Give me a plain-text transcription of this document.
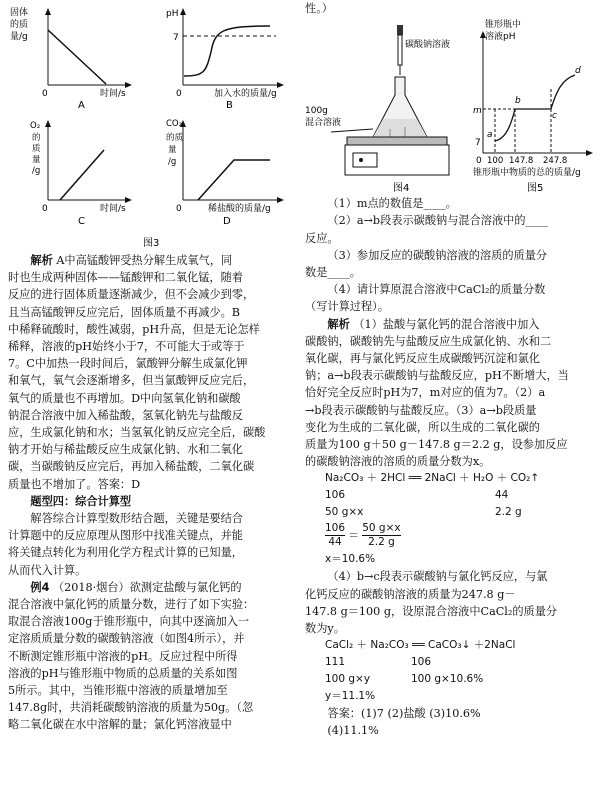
固体
的质
量/g
0	时间/s
A
pH
7
0	加入水的质量/g
B
O₂
的
质
量
/g
0	时间/s
C
CO₂
的质
量
/g
0	稀盐酸的质量/g
D
图3

解析 A中高锰酸钾受热分解生成氧气，同

时也生成两种固体——锰酸钾和二氧化锰，随着

反应的进行固体质量逐渐减少，但不会减少到零，

且当高锰酸钾反应完后，固体质量不再减少。B

中稀释硫酸时，酸性减弱，pH升高，但是无论怎样

稀释，溶液的pH始终小于7，不可能大于或等于

7。C中加热一段时间后，氯酸钾分解生成氯化钾

和氧气，氧气会逐渐增多，但当氯酸钾反应完后，

氧气的质量也不再增加。D中向氢氧化钠和碳酸

钠混合溶液中加入稀盐酸，氢氧化钠先与盐酸反

应，生成氯化钠和水；当氢氧化钠反应完全后，碳酸

钠才开始与稀盐酸反应生成氯化钠、水和二氧化

碳，当碳酸钠反应完后，再加入稀盐酸，二氧化碳

质量也不增加了。答案：D

题型四：综合计算型

解答综合计算型数形结合题，关键是要结合

计算题中的反应原理从图形中找准关键点，并能

将关键点转化为利用化学方程式计算的已知量，

从而代入计算。

例4 （2018·烟台）欲测定盐酸与氯化钙的

混合溶液中氯化钙的质量分数，进行了如下实验：

取混合溶液100g于锥形瓶中，向其中逐滴加入一

定溶质质量分数的碳酸钠溶液（如图4所示），并

不断测定锥形瓶中溶液的pH。反应过程中所得

溶液的pH与锥形瓶中物质的总质量的关系如图

5所示。其中，当锥形瓶中溶液的质量增加至

147.8g时，共消耗碳酸钠溶液的质量为50g。（忽

略二氧化碳在水中溶解的量；氯化钙溶液显中

性。）

碳酸钠溶液
100g
混合溶液
图4
锥形瓶中
溶液pH
m
7
a
b
c
d
0 100 147.8 247.8
锥形瓶中物质的总的质量/g
图5

（1）m点的数值是____。

（2）a→b段表示碳酸钠与混合溶液中的____

反应。

（3）参加反应的碳酸钠溶液的溶质的质量分

数是____。

（4）请计算原混合溶液中CaCl₂的质量分数

（写计算过程）。

解析 （1）盐酸与氯化钙的混合溶液中加入

碳酸钠，碳酸钠先与盐酸反应生成氯化钠、水和二

氧化碳，再与氯化钙反应生成碳酸钙沉淀和氯化

钠；a→b段表示碳酸钠与盐酸反应，pH不断增大，当

恰好完全反应时pH为7，m对应的值为7。（2）a

→b段表示碳酸钠与盐酸反应。（3）a→b段质量

变化为生成的二氧化碳，所以生成的二氧化碳的

质量为100 g＋50 g－147.8 g＝2.2 g，设参加反应

的碳酸钠溶液的溶质的质量分数为x。

Na₂CO₃ ＋ 2HCl ══ 2NaCl ＋ H₂O ＋ CO₂↑

106	44

50 g×x	2.2 g

$\frac{106}{44} = \frac{50 g\times x}{2.2 g}$

x＝10.6%

（4）b→c段表示碳酸钠与氯化钙反应，与氯

化钙反应的碳酸钠溶液的质量为247.8 g－

147.8 g＝100 g，设原混合溶液中CaCl₂的质量分

数为y。

CaCl₂ ＋ Na₂CO₃ ══ CaCO₃↓ ＋2NaCl

111	106

100 g×y	100 g×10.6%

y＝11.1%

答案：(1)7 (2)盐酸 (3)10.6%

(4)11.1%
